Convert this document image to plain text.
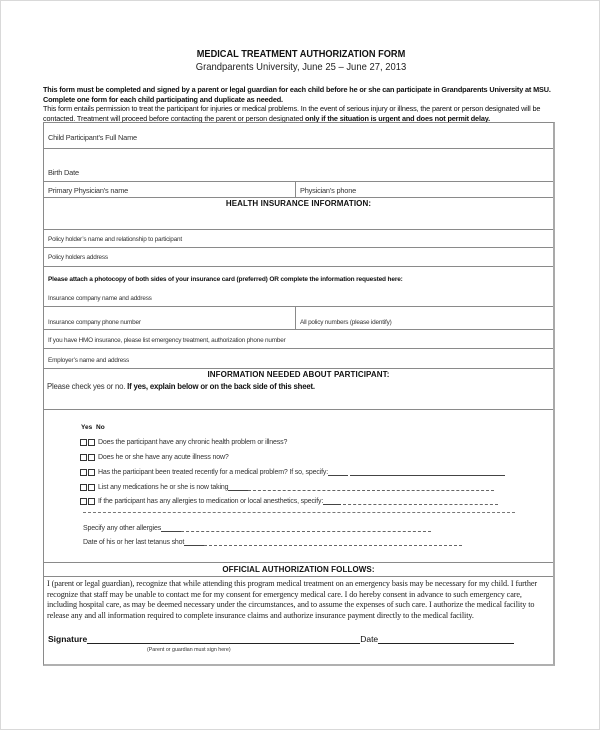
MEDICAL TREATMENT AUTHORIZATION FORM
Grandparents University, June 25 – June 27, 2013
This form must be completed and signed by a parent or legal guardian for each child before he or she can participate in Grandparents University at MSU.
Complete one form for each child participating and duplicate as needed.
This form entails permission to treat the participant for injuries or medical problems. In the event of serious injury or illness, the parent or person designated will be contacted. Treatment will proceed before contacting the parent or person designated only if the situation is urgent and does not permit delay.
Child Participant’s Full Name
Birth Date
Primary Physician’s name	Physician’s phone
HEALTH INSURANCE INFORMATION:
Policy holder’s name and relationship to participant
Policy holders address
Please attach a photocopy of both sides of your insurance card (preferred) OR complete the information requested here:
Insurance company name and address
Insurance company phone number	All policy numbers (please identify)
If you have HMO insurance, please list emergency treatment, authorization phone number
Employer’s name and address
INFORMATION NEEDED ABOUT PARTICIPANT:
Please check yes or no. If yes, explain below or on the back side of this sheet.
Yes No
Does the participant have any chronic health problem or illness?
Does he or she have any acute illness now?
Has the participant been treated recently for a medical problem? If so, specify:
List any medications he or she is now taking
If the participant has any allergies to medication or local anesthetics, specify:
Specify any other allergies
Date of his or her last tetanus shot
OFFICIAL AUTHORIZATION FOLLOWS:
I (parent or legal guardian), recognize that while attending this program medical treatment on an emergency basis may be necessary for my child. I further recognize that staff may be unable to contact me for my consent for emergency medical care. I do hereby consent in advance to such emergency care, including hospital care, as may be deemed necessary under the circumstances, and to assume the expenses of such care. I authorize the medical facility to release any and all information required to complete insurance claims and authorize insurance payment directly to the medical facility.
Signature	Date
(Parent or guardian must sign here)
